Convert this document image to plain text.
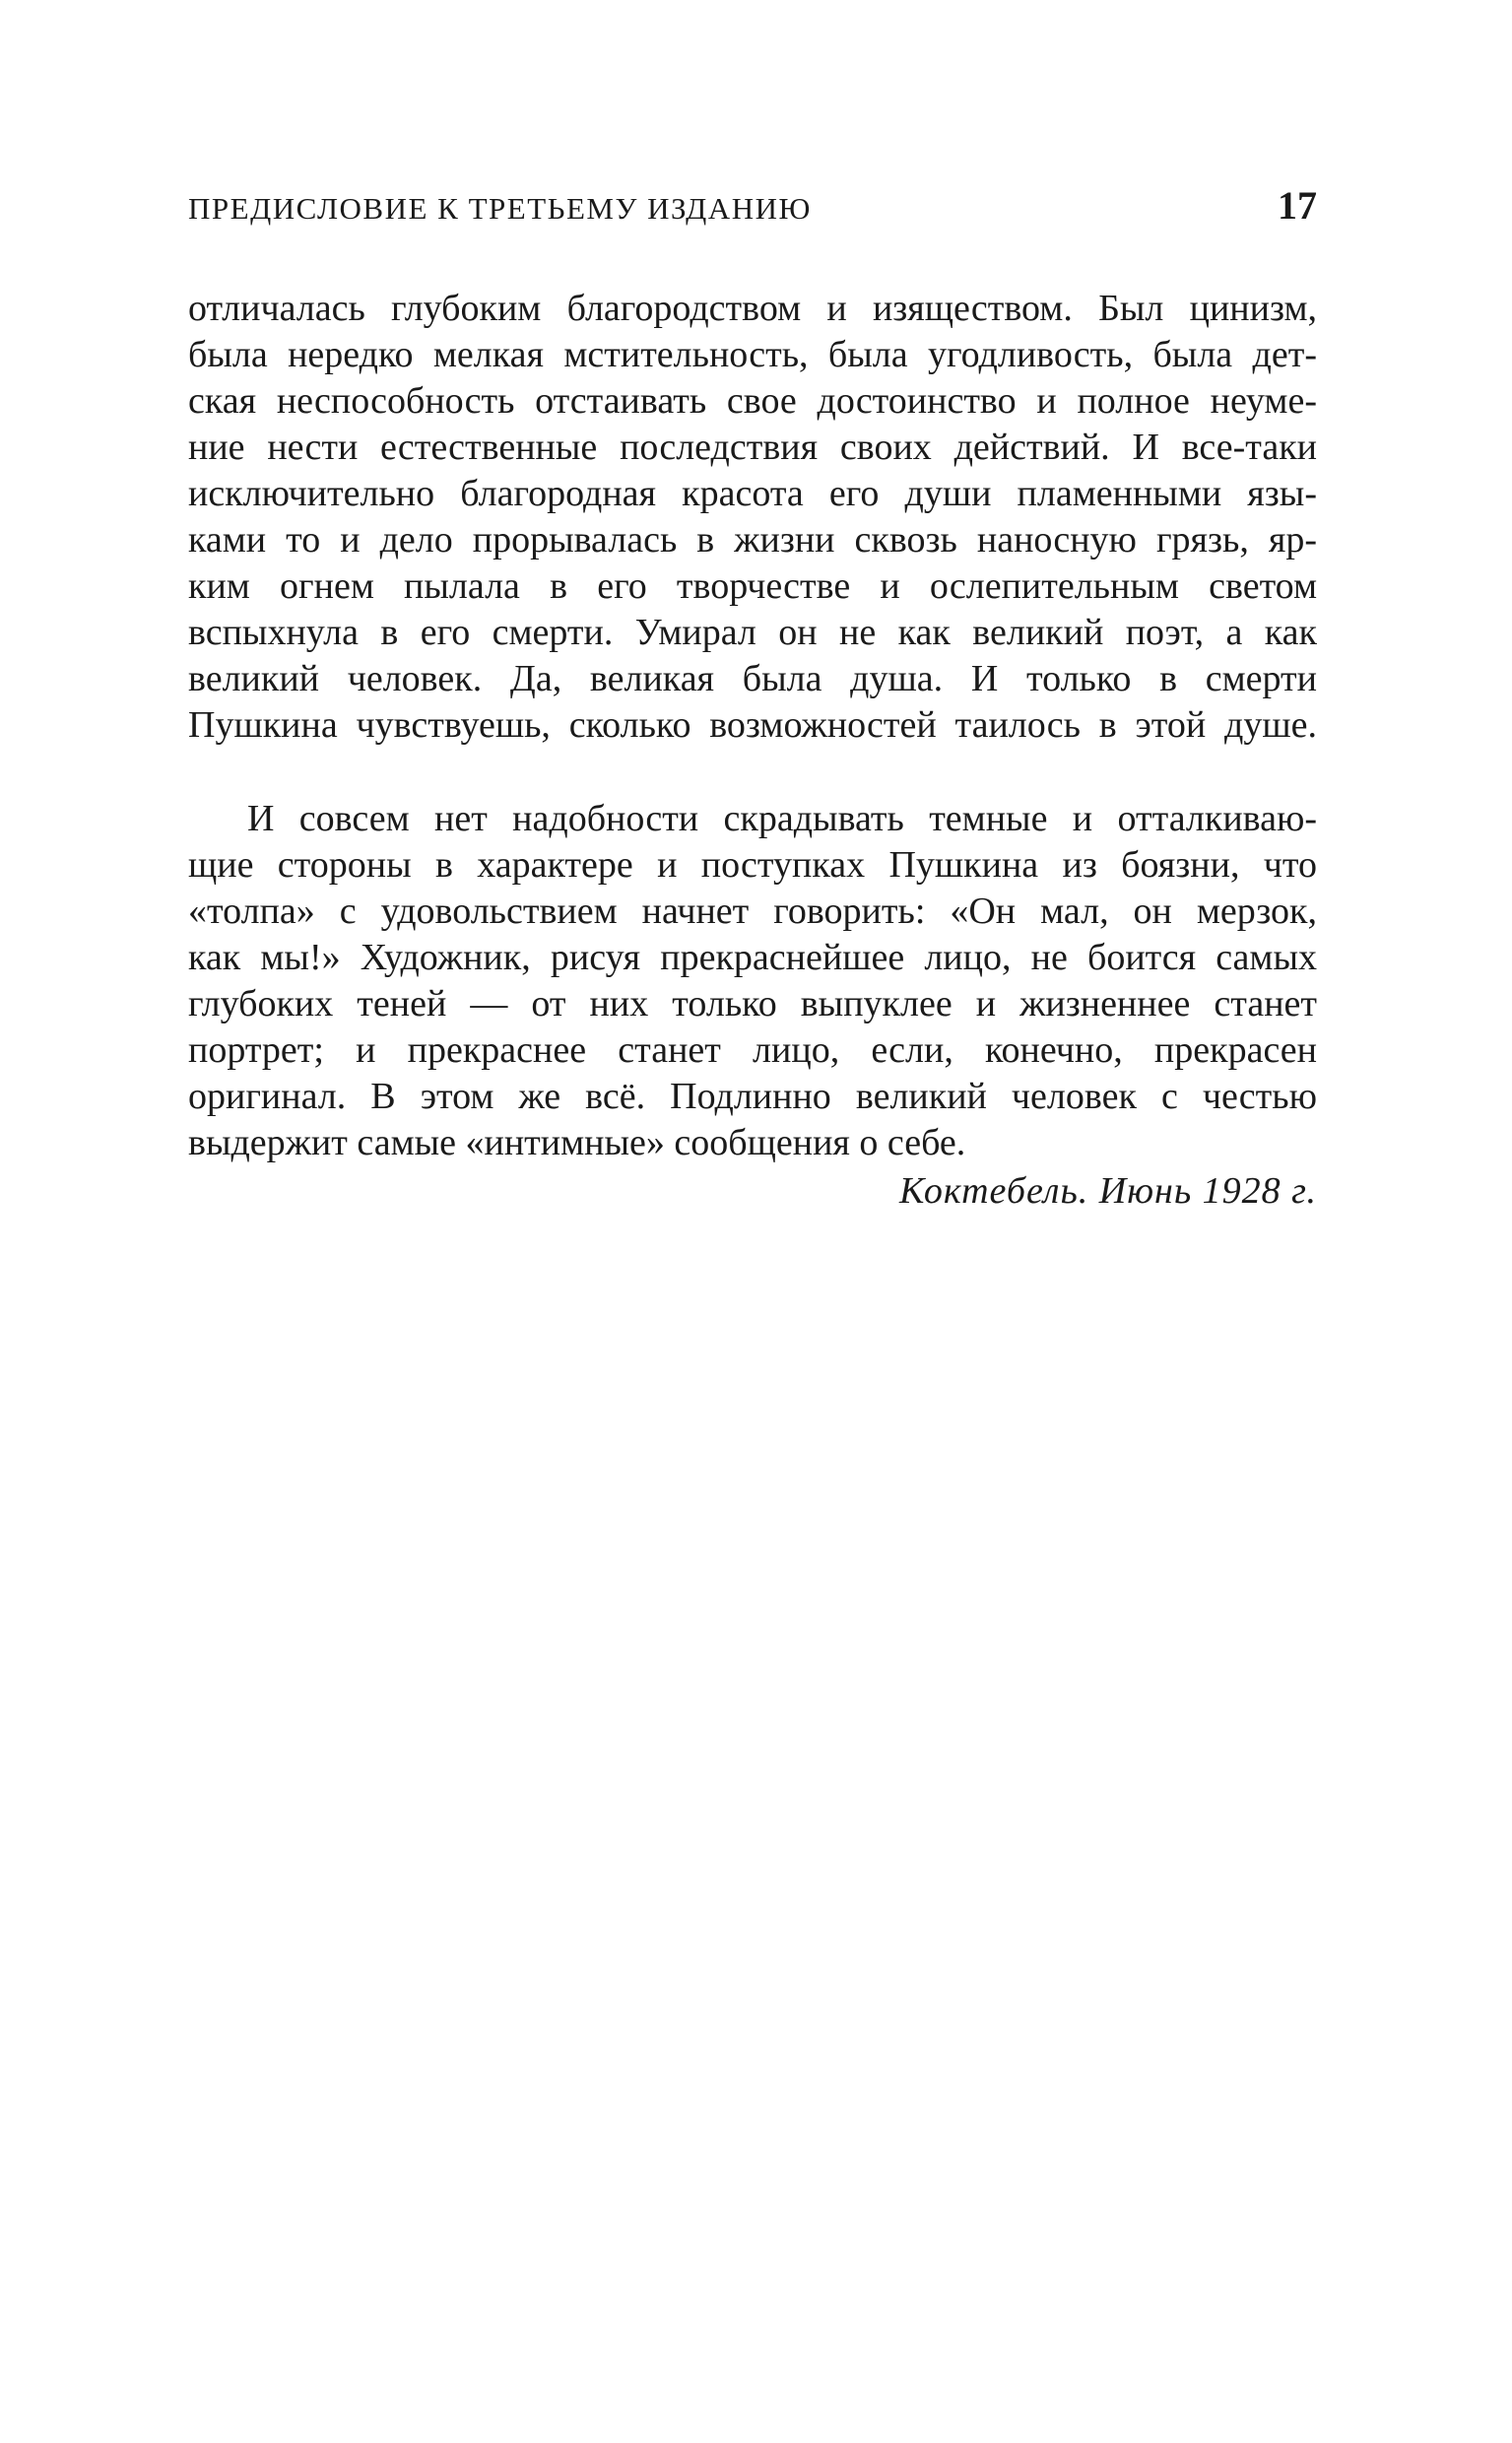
ПРЕДИСЛОВИЕ К ТРЕТЬЕМУ ИЗДАНИЮ	17
отличалась глубоким благородством и изяществом. Был цинизм,
была нередко мелкая мстительность, была угодливость, была дет-
ская неспособность отстаивать свое достоинство и полное неуме-
ние нести естественные последствия своих действий. И все-таки
исключительно благородная красота его души пламенными язы-
ками то и дело прорывалась в жизни сквозь наносную грязь, яр-
ким огнем пылала в его творчестве и ослепительным светом
вспыхнула в его смерти. Умирал он не как великий поэт, а как
великий человек. Да, великая была душа. И только в смерти
Пушкина чувствуешь, сколько возможностей таилось в этой душе.
И совсем нет надобности скрадывать темные и отталкиваю-
щие стороны в характере и поступках Пушкина из боязни, что
«толпа» с удовольствием начнет говорить: «Он мал, он мерзок,
как мы!» Художник, рисуя прекраснейшее лицо, не боится самых
глубоких теней — от них только выпуклее и жизненнее станет
портрет; и прекраснее станет лицо, если, конечно, прекрасен
оригинал. В этом же всё. Подлинно великий человек с честью
выдержит самые «интимные» сообщения о себе.
Коктебель. Июнь 1928 г.
